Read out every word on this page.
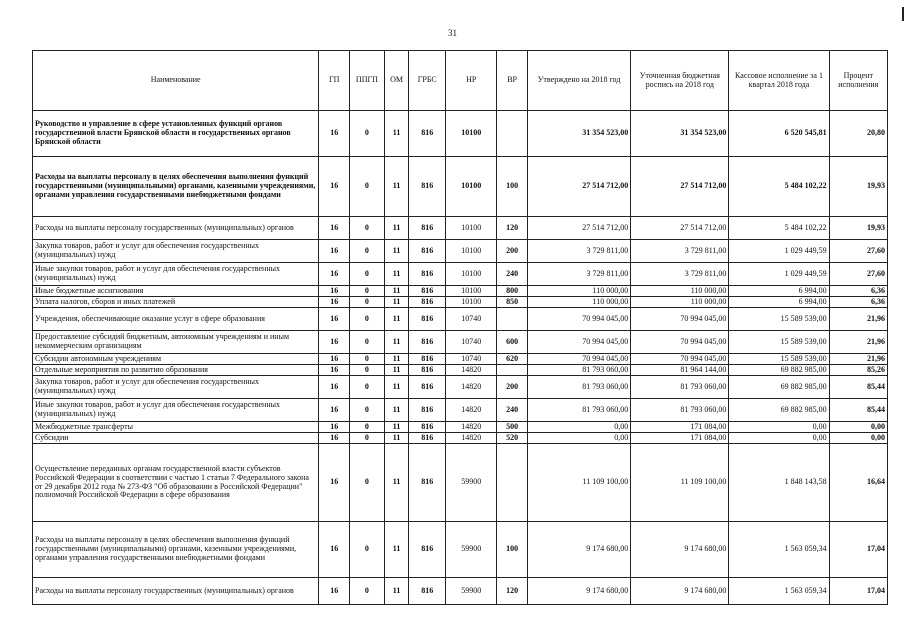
31
Наименование	ГП	ППГП	ОМ	ГРБС	НР	ВР	Утверждено на 2018 год	Уточненная бюджетная роспись на 2018 год	Кассовое исполнение за 1 квартал 2018 года	Процент исполнения
Руководство и управление в сфере установленных функций органов государственной власти Брянской области и государственных органов Брянской области	16	0	11	816	10100		31 354 523,00	31 354 523,00	6 520 545,81	20,80
Расходы на выплаты персоналу в целях обеспечения выполнения функций государственными (муниципальными) органами, казенными учреждениями, органами управления государственными внебюджетными фондами	16	0	11	816	10100	100	27 514 712,00	27 514 712,00	5 484 102,22	19,93
Расходы на выплаты персоналу государственных (муниципальных) органов	16	0	11	816	10100	120	27 514 712,00	27 514 712,00	5 484 102,22	19,93
Закупка товаров, работ и услуг для обеспечения государственных (муниципальных) нужд	16	0	11	816	10100	200	3 729 811,00	3 729 811,00	1 029 449,59	27,60
Иные закупки товаров, работ и услуг для обеспечения государственных (муниципальных) нужд	16	0	11	816	10100	240	3 729 811,00	3 729 811,00	1 029 449,59	27,60
Иные бюджетные ассигнования	16	0	11	816	10100	800	110 000,00	110 000,00	6 994,00	6,36
Уплата налогов, сборов и иных платежей	16	0	11	816	10100	850	110 000,00	110 000,00	6 994,00	6,36
Учреждения, обеспечивающие оказание услуг в сфере образования	16	0	11	816	10740		70 994 045,00	70 994 045,00	15 589 539,00	21,96
Предоставление субсидий бюджетным, автономным учреждениям и иным некоммерческим организациям	16	0	11	816	10740	600	70 994 045,00	70 994 045,00	15 589 539,00	21,96
Субсидии автономным учреждениям	16	0	11	816	10740	620	70 994 045,00	70 994 045,00	15 589 539,00	21,96
Отдельные мероприятия по развитию образования	16	0	11	816	14820		81 793 060,00	81 964 144,00	69 882 985,00	85,26
Закупка товаров, работ и услуг для обеспечения государственных (муниципальных) нужд	16	0	11	816	14820	200	81 793 060,00	81 793 060,00	69 882 985,00	85,44
Иные закупки товаров, работ и услуг для обеспечения государственных (муниципальных) нужд	16	0	11	816	14820	240	81 793 060,00	81 793 060,00	69 882 985,00	85,44
Межбюджетные трансферты	16	0	11	816	14820	500	0,00	171 084,00	0,00	0,00
Субсидии	16	0	11	816	14820	520	0,00	171 084,00	0,00	0,00
Осуществление переданных органам государственной власти субъектов Российской Федерации в соответствии с частью 1 статьи 7 Федерального закона от 29 декабря 2012 года № 273-ФЗ "Об образовании в Российской Федерации" полномочий Российской Федерации в сфере образования	16	0	11	816	59900		11 109 100,00	11 109 100,00	1 848 143,58	16,64
Расходы на выплаты персоналу в целях обеспечения выполнения функций государственными (муниципальными) органами, казенными учреждениями, органами управления государственными внебюджетными фондами	16	0	11	816	59900	100	9 174 680,00	9 174 680,00	1 563 059,34	17,04
Расходы на выплаты персоналу государственных (муниципальных) органов	16	0	11	816	59900	120	9 174 680,00	9 174 680,00	1 563 059,34	17,04
